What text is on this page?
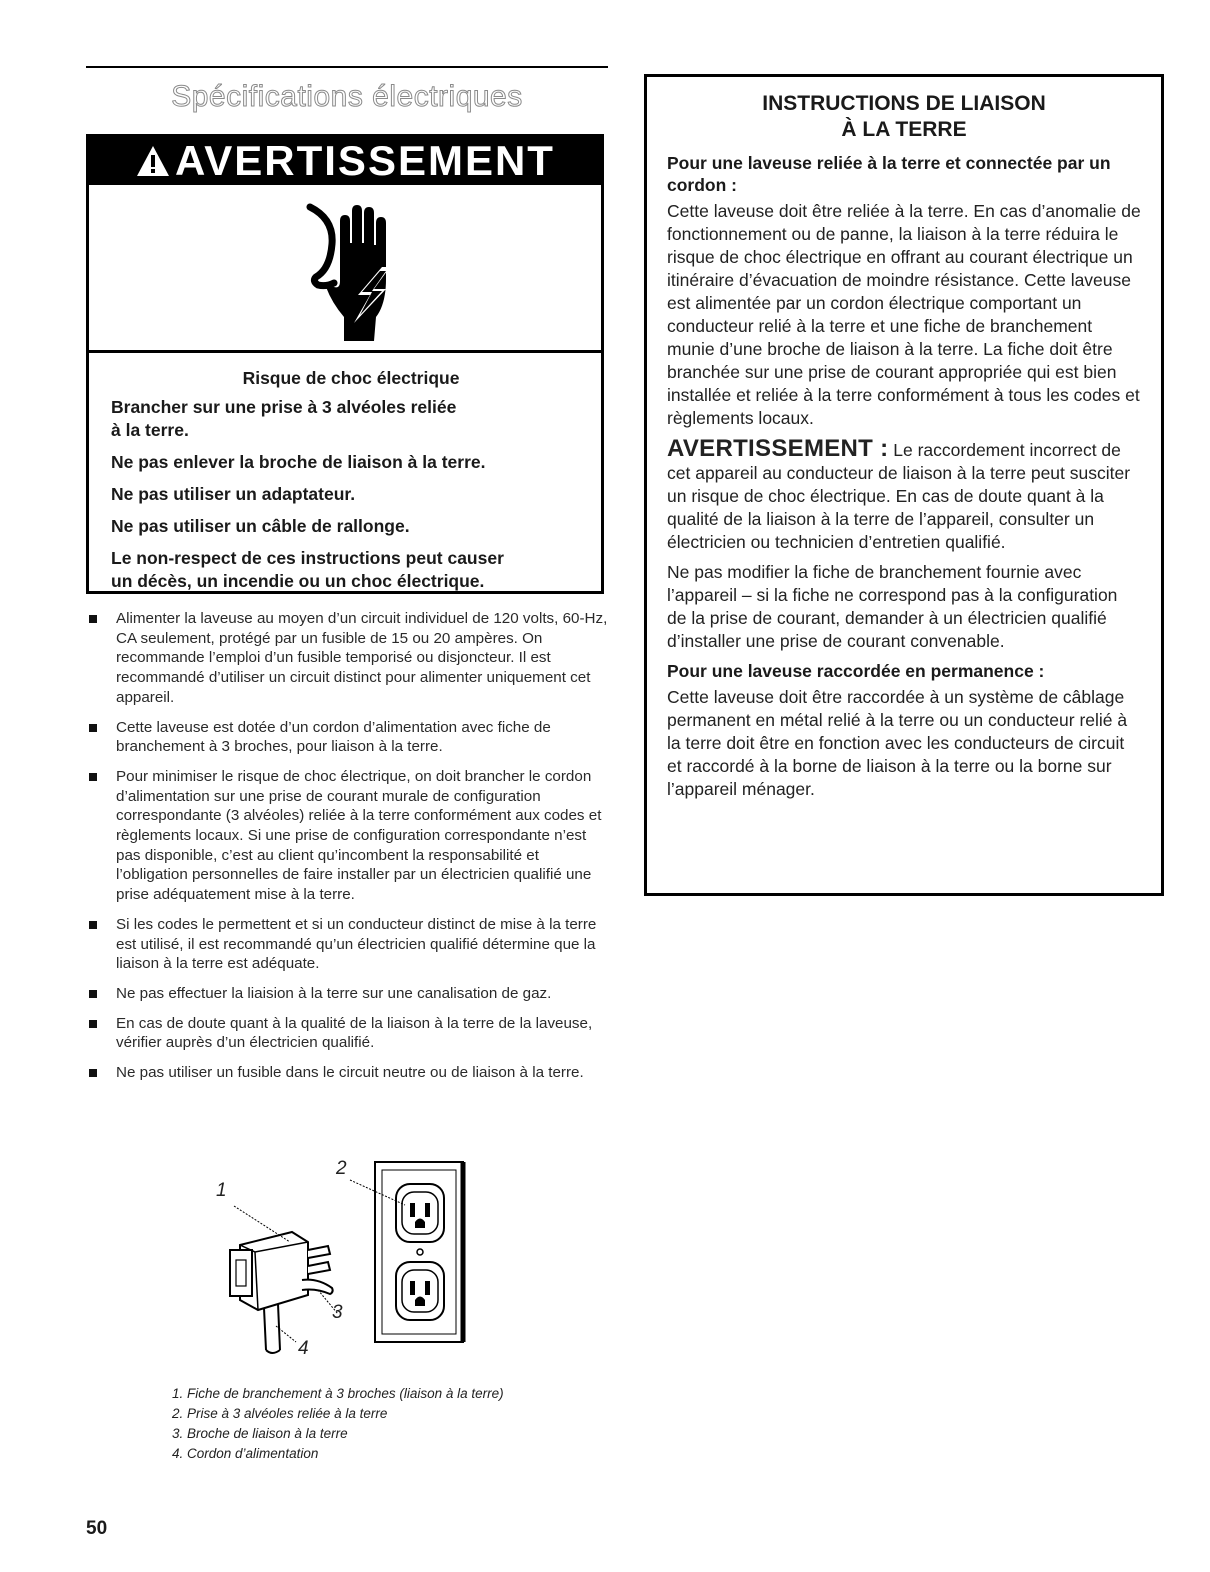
Spécifications électriques
AVERTISSEMENT
Risque de choc électrique

Brancher sur une prise à 3 alvéoles reliée
à la terre.

Ne pas enlever la broche de liaison à la terre.

Ne pas utiliser un adaptateur.

Ne pas utiliser un câble de rallonge.

Le non-respect de ces instructions peut causer
un décès, un incendie ou un choc électrique.

Alimenter la laveuse au moyen d’un circuit individuel de 120 volts, 60-Hz, CA seulement, protégé par un fusible de 15 ou 20 ampères. On recommande l’emploi d’un fusible temporisé ou disjoncteur. Il est recommandé d’utiliser un circuit distinct pour alimenter uniquement cet appareil.
Cette laveuse est dotée d’un cordon d’alimentation avec fiche de branchement à 3 broches, pour liaison à la terre.
Pour minimiser le risque de choc électrique, on doit brancher le cordon d’alimentation sur une prise de courant murale de configuration correspondante (3 alvéoles) reliée à la terre conformément aux codes et règlements locaux. Si une prise de configuration correspondante n’est pas disponible, c’est au client qu’incombent la responsabilité et l’obligation personnelles de faire installer par un électricien qualifié une prise adéquatement mise à la terre.
Si les codes le permettent et si un conducteur distinct de mise à la terre est utilisé, il est recommandé qu’un électricien qualifié détermine que la liaison à la terre est adéquate.
Ne pas effectuer la liaision à la terre sur une canalisation de gaz.
En cas de doute quant à la qualité de la liaison à la terre de la laveuse, vérifier auprès d’un électricien qualifié.
Ne pas utiliser un fusible dans le circuit neutre ou de liaison à la terre.
1
2
3
4
1. Fiche de branchement à 3 broches (liaison à la terre)
2. Prise à 3 alvéoles reliée à la terre
3. Broche de liaison à la terre
4. Cordon d’alimentation
50
INSTRUCTIONS DE LIAISON
À LA TERRE

Pour une laveuse reliée à la terre et connectée par un cordon :

Cette laveuse doit être reliée à la terre. En cas d’anomalie de fonctionnement ou de panne, la liaison à la terre réduira le risque de choc électrique en offrant au courant électrique un itinéraire d’évacuation de moindre résistance. Cette laveuse est alimentée par un cordon électrique comportant un conducteur relié à la terre et une fiche de branchement munie d’une broche de liaison à la terre. La fiche doit être branchée sur une prise de courant appropriée qui est bien installée et reliée à la terre conformément à tous les codes et règlements locaux.

AVERTISSEMENT : Le raccordement incorrect de cet appareil au conducteur de liaison à la terre peut susciter un risque de choc électrique. En cas de doute quant à la qualité de la liaison à la terre de l’appareil, consulter un électricien ou technicien d’entretien qualifié.

Ne pas modifier la fiche de branchement fournie avec l’appareil – si la fiche ne correspond pas à la configuration de la prise de courant, demander à un électricien qualifié d’installer une prise de courant convenable.

Pour une laveuse raccordée en permanence :

Cette laveuse doit être raccordée à un système de câblage permanent en métal relié à la terre ou un conducteur relié à la terre doit être en fonction avec les conducteurs de circuit et raccordé à la borne de liaison à la terre ou la borne sur l’appareil ménager.
